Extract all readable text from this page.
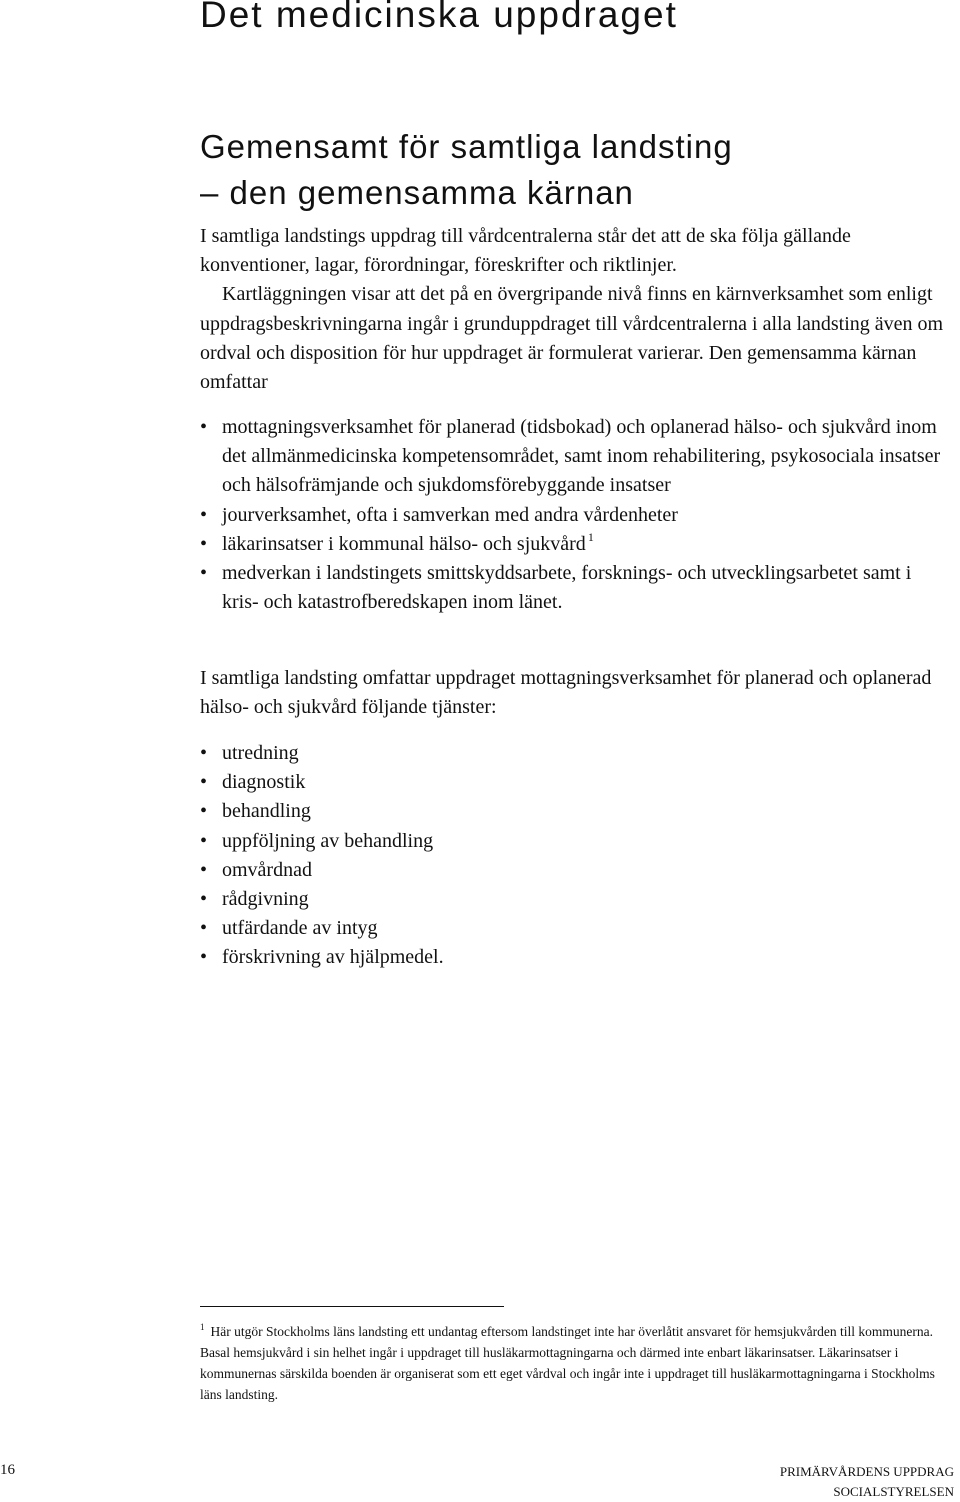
Det medicinska uppdraget
Gemensamt för samtliga landsting
– den gemensamma kärnan

I samtliga landstings uppdrag till vårdcentralerna står det att de ska följa gällande konventioner, lagar, förordningar, föreskrifter och riktlinjer.

Kartläggningen visar att det på en övergripande nivå finns en kärnverksamhet som enligt uppdragsbeskrivningarna ingår i grunduppdraget till vårdcentralerna i alla landsting även om ordval och disposition för hur uppdraget är formulerat varierar. Den gemensamma kärnan omfattar

• mottagningsverksamhet för planerad (tidsbokad) och oplanerad hälso- och sjukvård inom det allmänmedicinska kompetensområdet, samt inom rehabilitering, psykosociala insatser och hälsofrämjande och sjukdomsförebyggande insatser
• jourverksamhet, ofta i samverkan med andra vårdenheter
• läkarinsatser i kommunal hälso- och sjukvård $^1$
• medverkan i landstingets smittskyddsarbete, forsknings- och utvecklingsarbetet samt i kris- och katastrofberedskapen inom länet.

I samtliga landsting omfattar uppdraget mottagningsverksamhet för planerad och oplanerad hälso- och sjukvård följande tjänster:

• utredning
• diagnostik
• behandling
• uppföljning av behandling
• omvårdnad
• rådgivning
• utfärdande av intyg
• förskrivning av hjälpmedel.
$^1$ Här utgör Stockholms läns landsting ett undantag eftersom landstinget inte har överlåtit ansvaret för hemsjukvården till kommunerna. Basal hemsjukvård i sin helhet ingår i uppdraget till husläkarmottagningarna och därmed inte enbart läkarinsatser. Läkarinsatser i kommunernas särskilda boenden är organiserat som ett eget vårdval och ingår inte i uppdraget till husläkarmottagningarna i Stockholms läns landsting.
16	PRIMÄRVÅRDENS UPPDRAG
SOCIALSTYRELSEN
